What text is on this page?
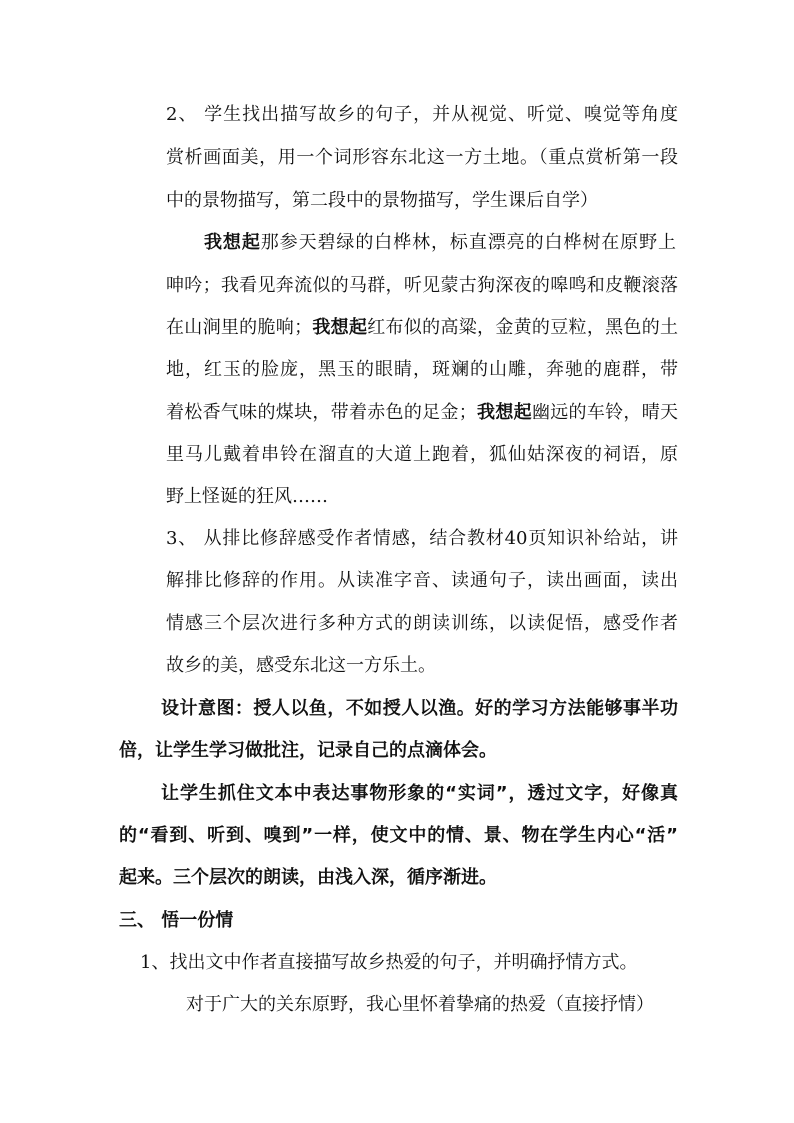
2、 学生找出描写故乡的句子，并从视觉、听觉、嗅觉等角度
赏析画面美，用一个词形容东北这一方土地。（重点赏析第一段
中的景物描写，第二段中的景物描写，学生课后自学）
我想起那参天碧绿的白桦林，标直漂亮的白桦树在原野上
呻吟；我看见奔流似的马群，听见蒙古狗深夜的嗥鸣和皮鞭滚落
在山涧里的脆响；我想起红布似的高粱，金黄的豆粒，黑色的土
地，红玉的脸庞，黑玉的眼睛，斑斓的山雕，奔驰的鹿群，带
着松香气味的煤块，带着赤色的足金；我想起幽远的车铃，晴天
里马儿戴着串铃在溜直的大道上跑着，狐仙姑深夜的祠语，原
野上怪诞的狂风……
3、 从排比修辞感受作者情感，结合教材40页知识补给站，讲
解排比修辞的作用。从读准字音、读通句子，读出画面，读出
情感三个层次进行多种方式的朗读训练，以读促悟，感受作者
故乡的美，感受东北这一方乐土。
设计意图：授人以鱼，不如授人以渔。好的学习方法能够事半功
倍，让学生学习做批注，记录自己的点滴体会。
让学生抓住文本中表达事物形象的“实词”，透过文字，好像真
的“看到、听到、嗅到”一样，使文中的情、景、物在学生内心“活”
起来。三个层次的朗读，由浅入深，循序渐进。
三、 悟一份情
1、找出文中作者直接描写故乡热爱的句子，并明确抒情方式。
对于广大的关东原野，我心里怀着挚痛的热爱（直接抒情）
